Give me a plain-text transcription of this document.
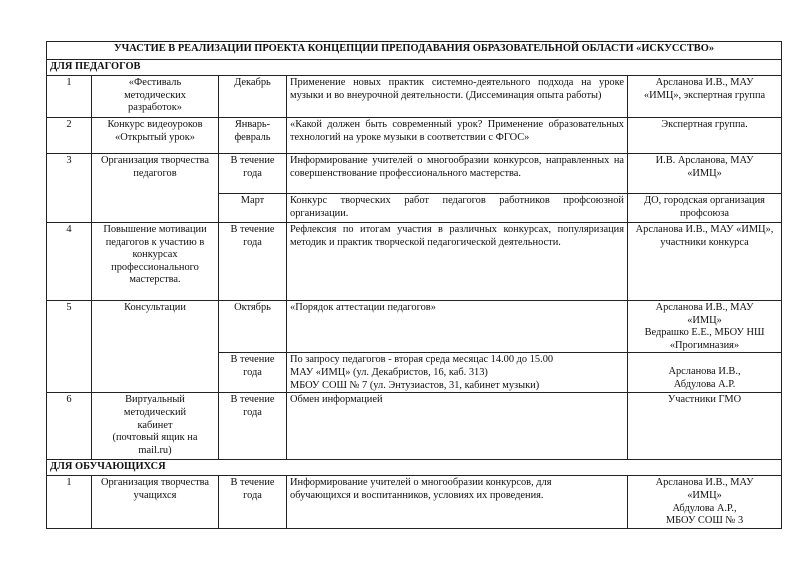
УЧАСТИЕ В РЕАЛИЗАЦИИ ПРОЕКТА КОНЦЕПЦИИ ПРЕПОДАВАНИЯ ОБРАЗОВАТЕЛЬНОЙ ОБЛАСТИ «ИСКУССТВО»				
ДЛЯ ПЕДАГОГОВ				
1	«Фестиваль методических разработок»	Декабрь	Применение новых практик системно-деятельного подхода на уроке музыки и во внеурочной деятельности. (Диссеминация опыта работы)	Арсланова И.В., МАУ «ИМЦ», экспертная группа
2	Конкурс видеоуроков «Открытый урок»	Январь-февраль	«Какой должен быть современный урок? Применение образовательных технологий на уроке музыки в соответствии с ФГОС»	Экспертная группа.
3	Организация творчества педагогов	В течение года	Информирование учителей о многообразии конкурсов, направленных на совершенствование профессионального мастерства.	И.В. Арсланова, МАУ «ИМЦ»
		Март	Конкурс творческих работ педагогов работников профсоюзной организации.	ДО, городская организация профсоюза
4	Повышение мотивации педагогов к участию в конкурсах профессионального мастерства.	В течение года	Рефлексия по итогам участия в различных конкурсах, популяризация методик и практик творческой педагогической деятельности.	Арсланова И.В., МАУ «ИМЦ», участники конкурса
5	Консультации	Октябрь	«Порядок аттестации педагогов»	Арсланова И.В., МАУ
«ИМЦ»
Ведрашко Е.Е., МБОУ НШ
«Прогимназия»

		В течение года	По запросу педагогов - вторая среда месяцас 14.00 до 15.00
МАУ «ИМЦ» (ул. Декабристов, 16, каб. 313)
МБОУ СОШ № 7 (ул. Энтузиастов, 31, кабинет музыки)	Арсланова И.В.,
Абдулова А.Р.

6	Виртуальный
методический
кабинет
(почтовый ящик на
mail.ru)	В течение года	Обмен информацией	Участники ГМО
ДЛЯ ОБУЧАЮЩИХСЯ				
1	Организация творчества учащихся	В течение года	Информирование учителей о многообразии конкурсов, для
обучающихся и воспитанников, условиях их проведения.	Арсланова И.В., МАУ
«ИМЦ»
Абдулова А.Р.,
МБОУ СОШ № 3
